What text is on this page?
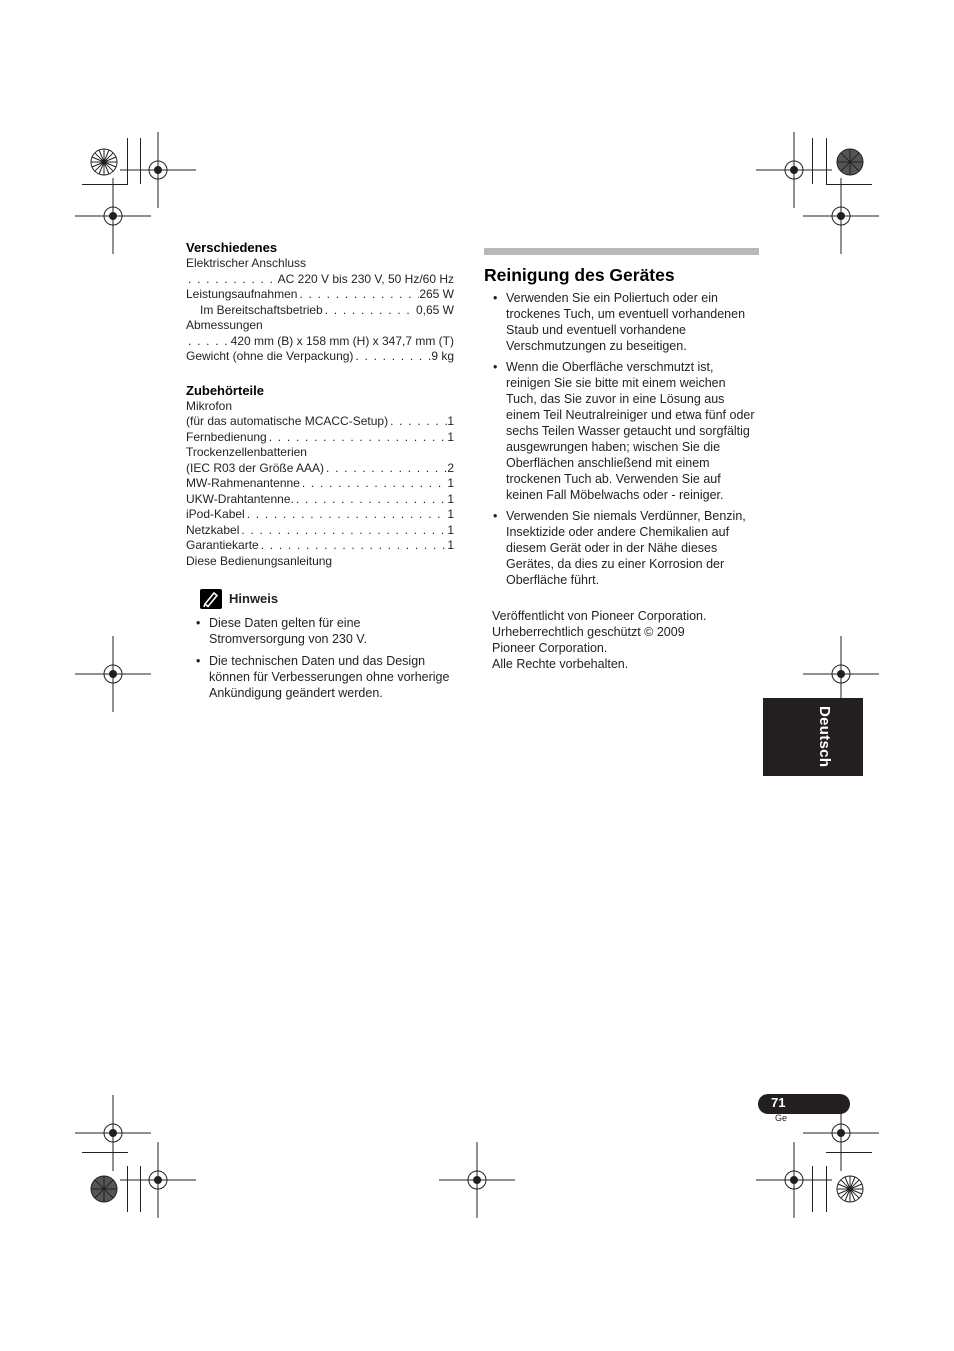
Verschiedenes
Elektrischer Anschluss
. . .
AC 220 V bis 230 V, 50 Hz/60 Hz
Leistungsaufnahmen . . .	265 W
Im Bereitschaftsbetrieb . . .	0,65 W
Abmessungen
. . .
420 mm (B) x 158 mm (H) x 347,7 mm (T)
Gewicht (ohne die Verpackung) . . .	9 kg
Zubehörteile
Mikrofon
(für das automatische MCACC-Setup) . . .	1
Fernbedienung . . .	1
Trockenzellenbatterien
(IEC R03 der Größe AAA) . . .	2
MW-Rahmenantenne . . .	1
UKW-Drahtantenne. . . .	1
iPod-Kabel . . .	1
Netzkabel . . .	1
Garantiekarte . . .	1
Diese Bedienungsanleitung
Hinweis
• Diese Daten gelten für eine Stromversorgung von 230 V.
• Die technischen Daten und das Design können für Verbesserungen ohne vorherige Ankündigung geändert werden.
Reinigung des Gerätes
• Verwenden Sie ein Poliertuch oder ein trockenes Tuch, um eventuell vorhandenen Staub und eventuell vorhandene Verschmutzungen zu beseitigen.
• Wenn die Oberfläche verschmutzt ist, reinigen Sie sie bitte mit einem weichen Tuch, das Sie zuvor in eine Lösung aus einem Teil Neutralreiniger und etwa fünf oder sechs Teilen Wasser getaucht und sorgfältig ausgewrungen haben; wischen Sie die Oberflächen anschließend mit einem trockenen Tuch ab. Verwenden Sie auf keinen Fall Möbelwachs oder - reiniger.
• Verwenden Sie niemals Verdünner, Benzin, Insektizide oder andere Chemikalien auf diesem Gerät oder in der Nähe dieses Gerätes, da dies zu einer Korrosion der Oberfläche führt.
Veröffentlicht von Pioneer Corporation.
Urheberrechtlich geschützt © 2009
Pioneer Corporation.
Alle Rechte vorbehalten.
Deutsch
71
Ge
